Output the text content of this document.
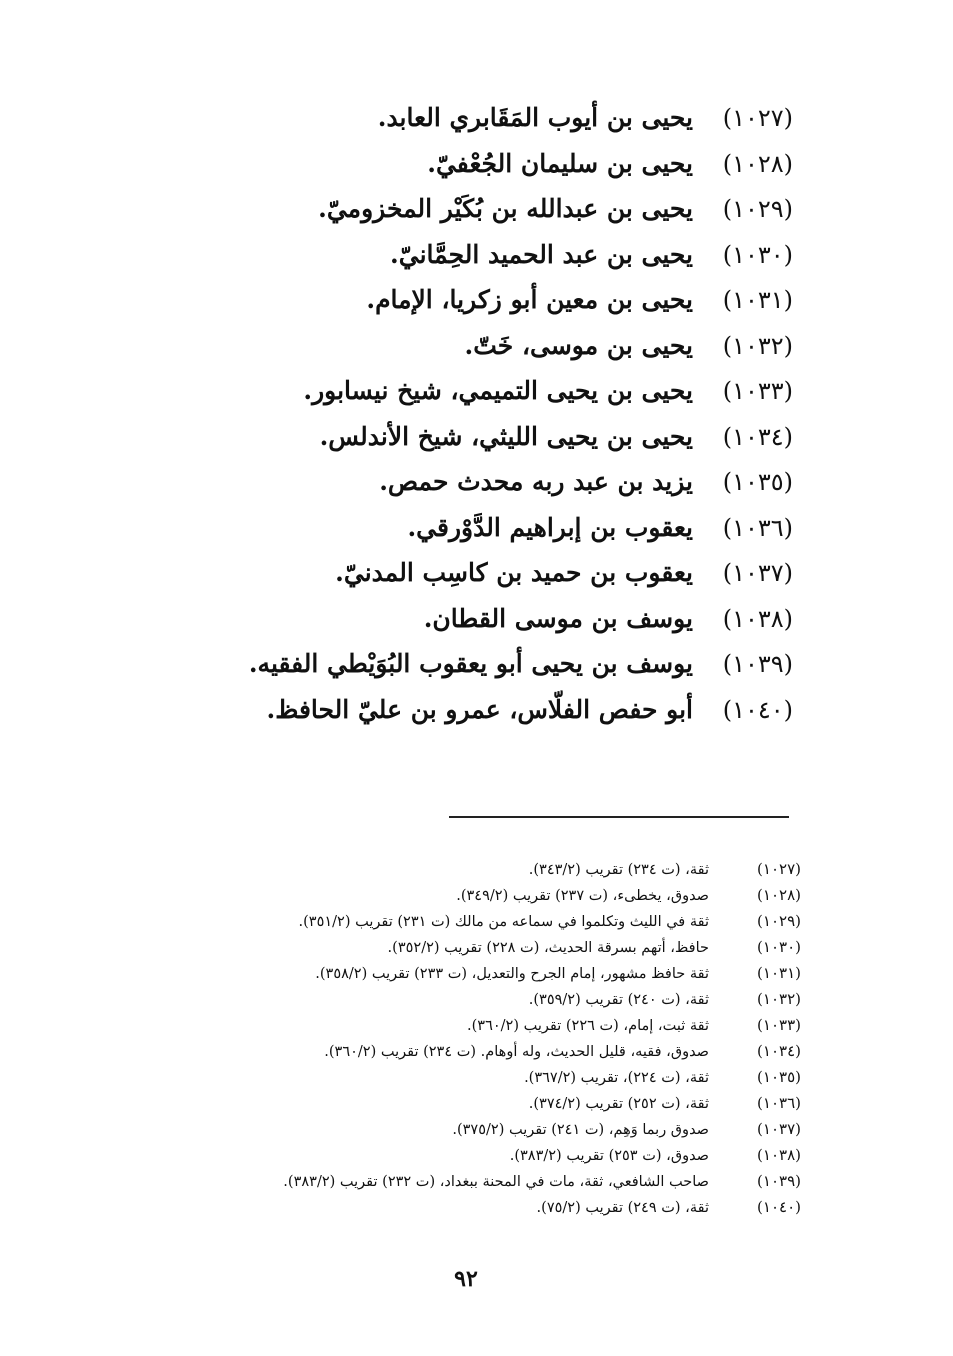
(١٠٢٧)
يحيى بن أيوب المَقَابري العابد.
(١٠٢٨)
يحيى بن سليمان الجُعْفيّ.
(١٠٢٩)
يحيى بن عبدالله بن بُكَيْر المخزوميّ.
(١٠٣٠)
يحيى بن عبد الحميد الحِمَّانيّ.
(١٠٣١)
يحيى بن معين أبو زكريا، الإمام.
(١٠٣٢)
يحيى بن موسى، خَتّ.
(١٠٣٣)
يحيى بن يحيى التميمي، شيخ نيسابور.
(١٠٣٤)
يحيى بن يحيى الليثي، شيخ الأندلس.
(١٠٣٥)
يزيد بن عبد ربه محدث حمص.
(١٠٣٦)
يعقوب بن إبراهيم الدَّوْرقي.
(١٠٣٧)
يعقوب بن حميد بن كاسِب المدنيّ.
(١٠٣٨)
يوسف بن موسى القطان.
(١٠٣٩)
يوسف بن يحيى أبو يعقوب البُوَيْطي الفقيه.
(١٠٤٠)
أبو حفص الفلّاس، عمرو بن عليّ الحافظ.
(١٠٢٧)
ثقة، (ت ٢٣٤) تقريب (٣٤٣/٢).
(١٠٢٨)
صدوق، يخطىء، (ت ٢٣٧) تقريب (٣٤٩/٢).
(١٠٢٩)
ثقة في الليث وتكلموا في سماعه من مالك (ت ٢٣١) تقريب (٣٥١/٢).
(١٠٣٠)
حافظ، أتهم بسرقة الحديث، (ت ٢٢٨) تقريب (٣٥٢/٢).
(١٠٣١)
ثقة حافظ مشهور، إمام الجرح والتعديل، (ت ٢٣٣) تقريب (٣٥٨/٢).
(١٠٣٢)
ثقة، (ت ٢٤٠) تقريب (٣٥٩/٢).
(١٠٣٣)
ثقة ثبت، إمام، (ت ٢٢٦) تقريب (٣٦٠/٢).
(١٠٣٤)
صدوق، فقيه، قليل الحديث، وله أوهام. (ت ٢٣٤) تقريب (٣٦٠/٢).
(١٠٣٥)
ثقة، (ت ٢٢٤)، تقريب (٣٦٧/٢).
(١٠٣٦)
ثقة، (ت ٢٥٢) تقريب (٣٧٤/٢).
(١٠٣٧)
صدوق ربما وَهِم، (ت ٢٤١) تقريب (٣٧٥/٢).
(١٠٣٨)
صدوق، (ت ٢٥٣) تقريب (٣٨٣/٢).
(١٠٣٩)
صاحب الشافعي، ثقة، مات في المحنة ببغداد، (ت ٢٣٢) تقريب (٣٨٣/٢).
(١٠٤٠)
ثقة، (ت ٢٤٩) تقريب (٧٥/٢).
٩٢
